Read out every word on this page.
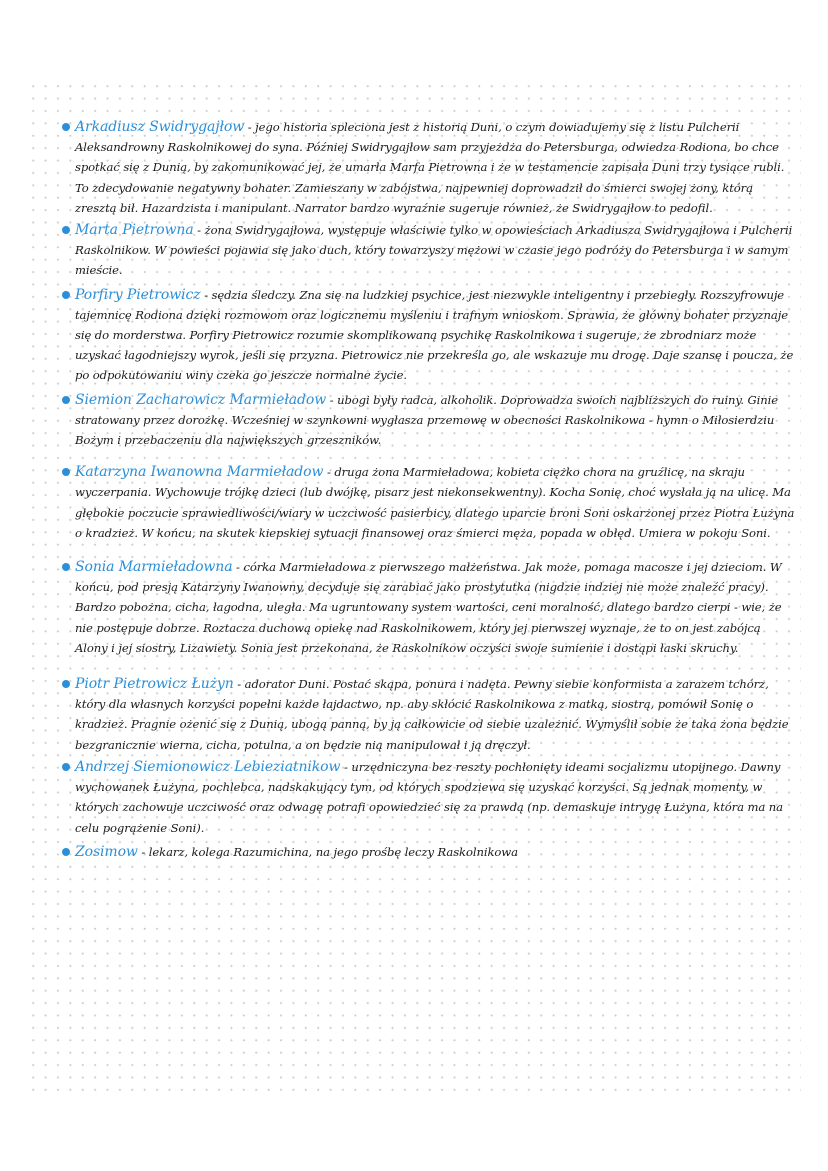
Arkadiusz Swidrygajłow - jego historia spleciona jest z historią Duni, o czym dowiadujemy się z listu Pulcherii Aleksandrowny Raskolnikowej do syna. Później Swidrygajłow sam przyjeżdża do Petersburga, odwiedza Rodiona, bo chce spotkać się z Dunią, by zakomunikować jej, że umarła Marfa Pietrowna i że w testamencie zapisała Duni trzy tysiące rubli. To zdecydowanie negatywny bohater. Zamieszany w zabójstwa, najpewniej doprowadził do śmierci swojej żony, którą zresztą bił. Hazardzista i manipulant. Narrator bardzo wyraźnie sugeruje również, że Swidrygajłow to pedofil.

Marta Pietrowna - żona Swidrygajłowa, występuje właściwie tylko w opowieściach Arkadiusza Swidrygajłowa i Pulcherii Raskolnikow. W powieści pojawia się jako duch, który towarzyszy mężowi w czasie jego podróży do Petersburga i w samym mieście.

Porfiry Pietrowicz - sędzia śledczy. Zna się na ludzkiej psychice, jest niezwykle inteligentny i przebiegły. Rozszyfrowuje tajemnicę Rodiona dzięki rozmowom oraz logicznemu myśleniu i trafnym wnioskom. Sprawia, że główny bohater przyznaje się do morderstwa. Porfiry Pietrowicz rozumie skomplikowaną psychikę Raskolnikowa i sugeruje, że zbrodniarz może uzyskać łagodniejszy wyrok, jeśli się przyzna. Pietrowicz nie przekreśla go, ale wskazuje mu drogę. Daje szansę i poucza, że po odpokutowaniu winy czeka go jeszcze normalne życie.

Siemion Zacharowicz Marmieładow - ubogi były radca, alkoholik. Doprowadza swoich najbliższych do ruiny. Ginie stratowany przez dorożkę. Wcześniej w szynkowni wygłasza przemowę w obecności Raskolnikowa - hymn o Miłosierdziu Bożym i przebaczeniu dla największych grzeszników.

Katarzyna Iwanowna Marmieładow - druga żona Marmieładowa, kobieta ciężko chora na gruźlicę, na skraju wyczerpania. Wychowuje trójkę dzieci (lub dwójkę, pisarz jest niekonsekwentny). Kocha Sonię, choć wysłała ją na ulicę. Ma głębokie poczucie sprawiedliwości/wiary w uczciwość pasierbicy, dlatego uparcie broni Soni oskarżonej przez Piotra Łużyna o kradzież. W końcu, na skutek kiepskiej sytuacji finansowej oraz śmierci męża, popada w obłęd. Umiera w pokoju Soni.

Sonia Marmieładowna - córka Marmieładowa z pierwszego małżeństwa. Jak może, pomaga macosze i jej dzieciom. W końcu, pod presją Katarzyny Iwanowny, decyduje się zarabiać jako prostytutka (nigdzie indziej nie może znaleźć pracy). Bardzo pobożna, cicha, łagodna, uległa. Ma ugruntowany system wartości, ceni moralność, dlatego bardzo cierpi - wie, że nie postępuje dobrze. Roztacza duchową opiekę nad Raskolnikowem, który jej pierwszej wyznaje, że to on jest zabójcą Alony i jej siostry, Lizawiety. Sonia jest przekonana, że Raskolnikow oczyści swoje sumienie i dostąpi łaski skruchy.

Piotr Pietrowicz Łużyn - adorator Duni. Postać skąpa, ponura i nadęta. Pewny siebie konformista a zarazem tchórz, który dla własnych korzyści popełni każde łajdactwo, np. aby skłócić Raskolnikowa z matką, siostrą, pomówił Sonię o kradzież. Pragnie ożenić się z Dunią, ubogą panną, by ją całkowicie od siebie uzależnić. Wymyślił sobie że taka żona będzie bezgranicznie wierna, cicha, potulna, a on będzie nią manipulował i ją dręczył.

Andrzej Siemionowicz Lebieziatnikow - urzędniczyna bez reszty pochłonięty ideami socjalizmu utopijnego. Dawny wychowanek Łużyna, pochlebca, nadskakujący tym, od których spodziewa się uzyskać korzyści. Są jednak momenty, w których zachowuje uczciwość oraz odwagę potrafi opowiedzieć się za prawdą (np. demaskuje intrygę Łużyna, która ma na celu pogrążenie Soni).

Zosimow - lekarz, kolega Razumichina, na jego prośbę leczy Raskolnikowa
